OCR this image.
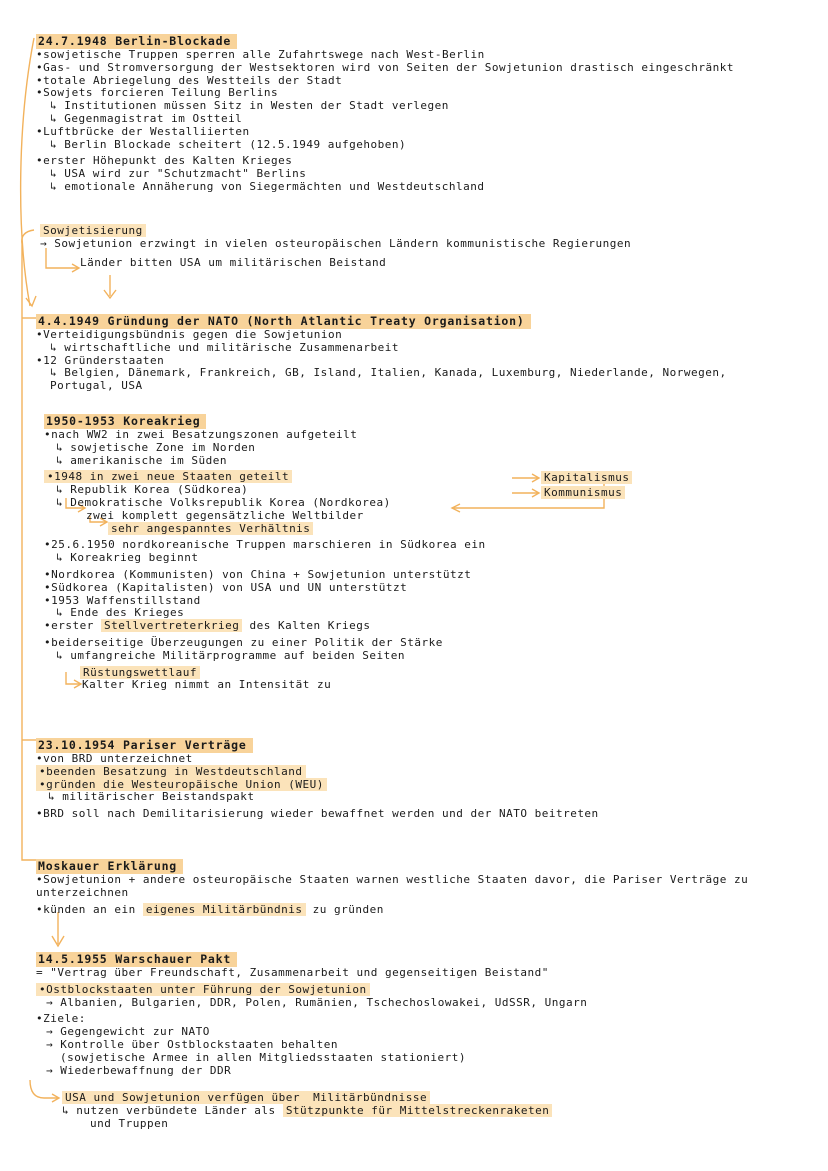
24.7.1948 Berlin-Blockade
•sowjetische Truppen sperren alle Zufahrtswege nach West-Berlin
•Gas- und Stromversorgung der Westsektoren wird von Seiten der Sowjetunion drastisch eingeschränkt
•totale Abriegelung des Westteils der Stadt
•Sowjets forcieren Teilung Berlins
↳ Institutionen müssen Sitz in Westen der Stadt verlegen
↳ Gegenmagistrat im Ostteil
•Luftbrücke der Westalliierten
↳ Berlin Blockade scheitert (12.5.1949 aufgehoben)
•erster Höhepunkt des Kalten Krieges
↳ USA wird zur "Schutzmacht" Berlins
↳ emotionale Annäherung von Siegermächten und Westdeutschland
Sowjetisierung
→ Sowjetunion erzwingt in vielen osteuropäischen Ländern kommunistische Regierungen
Länder bitten USA um militärischen Beistand
4.4.1949 Gründung der NATO (North Atlantic Treaty Organisation)
•Verteidigungsbündnis gegen die Sowjetunion
↳ wirtschaftliche und militärische Zusammenarbeit
•12 Gründerstaaten
↳ Belgien, Dänemark, Frankreich, GB, Island, Italien, Kanada, Luxemburg, Niederlande, Norwegen, Portugal, USA
1950-1953 Koreakrieg
•nach WW2 in zwei Besatzungszonen aufgeteilt
↳ sowjetische Zone im Norden
↳ amerikanische im Süden
•1948 in zwei neue Staaten geteilt
↳ Republik Korea (Südkorea)
↳ Demokratische Volksrepublik Korea (Nordkorea)
Kapitalismus
Kommunismus
zwei komplett gegensätzliche Weltbilder
sehr angespanntes Verhältnis
•25.6.1950 nordkoreanische Truppen marschieren in Südkorea ein
↳ Koreakrieg beginnt
•Nordkorea (Kommunisten) von China + Sowjetunion unterstützt
•Südkorea (Kapitalisten) von USA und UN unterstützt
•1953 Waffenstillstand
↳ Ende des Krieges
•erster Stellvertreterkrieg des Kalten Kriegs
•beiderseitige Überzeugungen zu einer Politik der Stärke
↳ umfangreiche Militärprogramme auf beiden Seiten
Rüstungswettlauf
Kalter Krieg nimmt an Intensität zu
23.10.1954 Pariser Verträge
•von BRD unterzeichnet
•beenden Besatzung in Westdeutschland
•gründen die Westeuropäische Union (WEU)
↳ militärischer Beistandspakt
•BRD soll nach Demilitarisierung wieder bewaffnet werden und der NATO beitreten
Moskauer Erklärung
•Sowjetunion + andere osteuropäische Staaten warnen westliche Staaten davor, die Pariser Verträge zu unterzeichnen
•künden an ein eigenes Militärbündnis zu gründen
14.5.1955 Warschauer Pakt
= "Vertrag über Freundschaft, Zusammenarbeit und gegenseitigen Beistand"
•Ostblockstaaten unter Führung der Sowjetunion
→ Albanien, Bulgarien, DDR, Polen, Rumänien, Tschechoslowakei, UdSSR, Ungarn
•Ziele:
→ Gegengewicht zur NATO
→ Kontrolle über Ostblockstaaten behalten
(sowjetische Armee in allen Mitgliedsstaaten stationiert)
→ Wiederbewaffnung der DDR
USA und Sowjetunion verfügen über Militärbündnisse
↳ nutzen verbündete Länder als Stützpunkte für Mittelstreckenraketen
und Truppen
